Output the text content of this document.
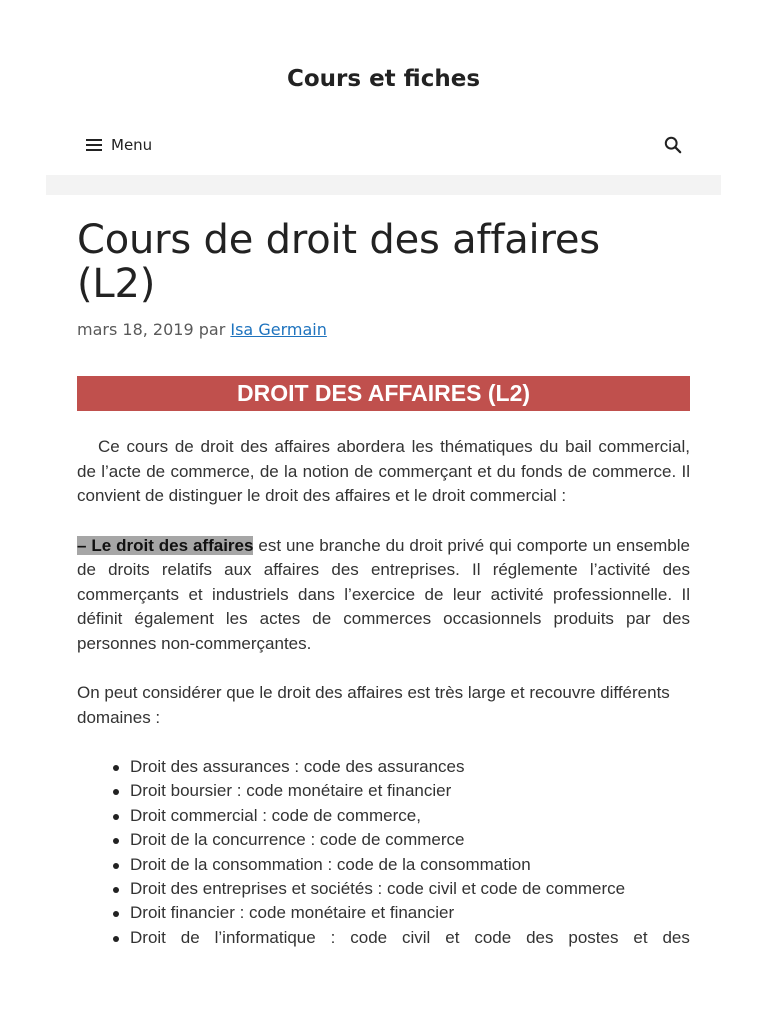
Cours et fiches
Menu
Cours de droit des affaires (L2)
mars 18, 2019 par Isa Germain
DROIT DES AFFAIRES (L2)

Ce cours de droit des affaires abordera les thématiques du bail commercial, de l’acte de commerce, de la notion de commerçant et du fonds de commerce. Il convient de distinguer le droit des affaires et le droit commercial :

– Le droit des affaires est une branche du droit privé qui comporte un ensemble de droits relatifs aux affaires des entreprises. Il réglemente l’activité des commerçants et industriels dans l’exercice de leur activité professionnelle. Il définit également les actes de commerces occasionnels produits par des personnes non-commerçantes.

On peut considérer que le droit des affaires est très large et recouvre différents domaines :

Droit des assurances : code des assurances
Droit boursier : code monétaire et financier
Droit commercial : code de commerce,
Droit de la concurrence : code de commerce
Droit de la consommation : code de la consommation
Droit des entreprises et sociétés : code civil et code de commerce
Droit financier : code monétaire et financier
Droit de l’informatique : code civil et code des postes et des
